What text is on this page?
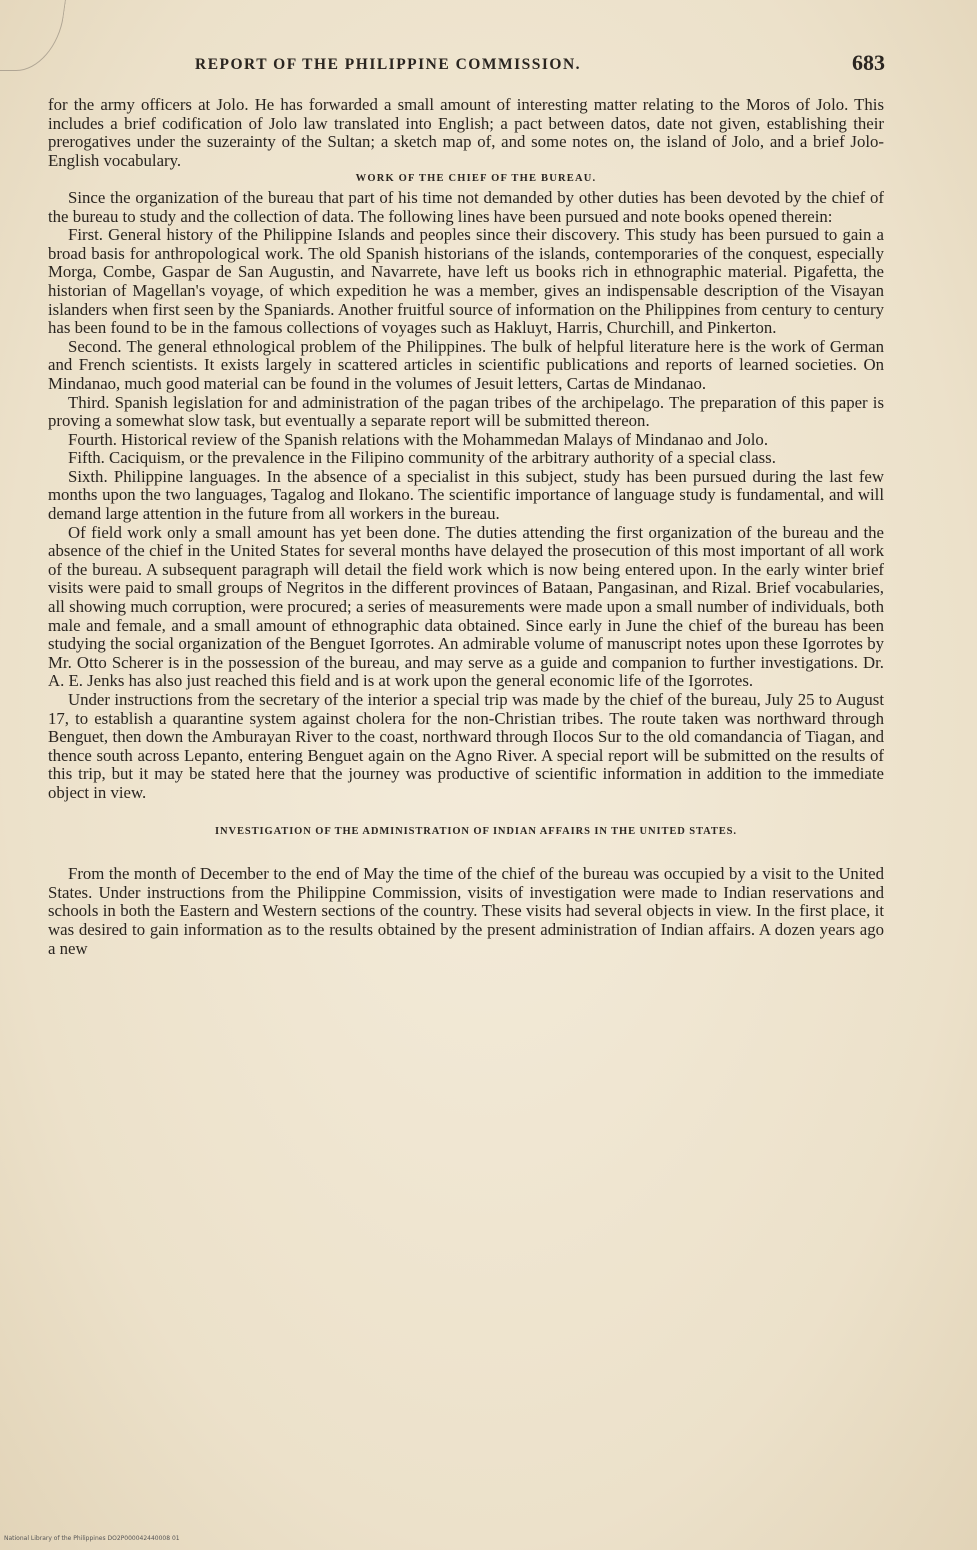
REPORT OF THE PHILIPPINE COMMISSION.	683

for the army officers at Jolo. He has forwarded a small amount of interesting matter relating to the Moros of Jolo. This includes a brief codification of Jolo law translated into English; a pact between datos, date not given, establishing their prerogatives under the suzerainty of the Sultan; a sketch map of, and some notes on, the island of Jolo, and a brief Jolo-English vocabulary.

WORK OF THE CHIEF OF THE BUREAU.

Since the organization of the bureau that part of his time not demanded by other duties has been devoted by the chief of the bureau to study and the collection of data. The following lines have been pursued and note books opened therein:

First. General history of the Philippine Islands and peoples since their discovery. This study has been pursued to gain a broad basis for anthropological work. The old Spanish historians of the islands, contemporaries of the conquest, especially Morga, Combe, Gaspar de San Augustin, and Navarrete, have left us books rich in ethnographic material. Pigafetta, the historian of Magellan's voyage, of which expedition he was a member, gives an indispensable description of the Visayan islanders when first seen by the Spaniards. Another fruitful source of information on the Philippines from century to century has been found to be in the famous collections of voyages such as Hakluyt, Harris, Churchill, and Pinkerton.

Second. The general ethnological problem of the Philippines. The bulk of helpful literature here is the work of German and French scientists. It exists largely in scattered articles in scientific publications and reports of learned societies. On Mindanao, much good material can be found in the volumes of Jesuit letters, Cartas de Mindanao.

Third. Spanish legislation for and administration of the pagan tribes of the archipelago. The preparation of this paper is proving a somewhat slow task, but eventually a separate report will be submitted thereon.

Fourth. Historical review of the Spanish relations with the Mohammedan Malays of Mindanao and Jolo.

Fifth. Caciquism, or the prevalence in the Filipino community of the arbitrary authority of a special class.

Sixth. Philippine languages. In the absence of a specialist in this subject, study has been pursued during the last few months upon the two languages, Tagalog and Ilokano. The scientific importance of language study is fundamental, and will demand large attention in the future from all workers in the bureau.

Of field work only a small amount has yet been done. The duties attending the first organization of the bureau and the absence of the chief in the United States for several months have delayed the prosecution of this most important of all work of the bureau. A subsequent paragraph will detail the field work which is now being entered upon. In the early winter brief visits were paid to small groups of Negritos in the different provinces of Bataan, Pangasinan, and Rizal. Brief vocabularies, all showing much corruption, were procured; a series of measurements were made upon a small number of individuals, both male and female, and a small amount of ethnographic data obtained. Since early in June the chief of the bureau has been studying the social organization of the Benguet Igorrotes. An admirable volume of manuscript notes upon these Igorrotes by Mr. Otto Scherer is in the possession of the bureau, and may serve as a guide and companion to further investigations. Dr. A. E. Jenks has also just reached this field and is at work upon the general economic life of the Igorrotes.

Under instructions from the secretary of the interior a special trip was made by the chief of the bureau, July 25 to August 17, to establish a quarantine system against cholera for the non-Christian tribes. The route taken was northward through Benguet, then down the Amburayan River to the coast, northward through Ilocos Sur to the old comandancia of Tiagan, and thence south across Lepanto, entering Benguet again on the Agno River. A special report will be submitted on the results of this trip, but it may be stated here that the journey was productive of scientific information in addition to the immediate object in view.

INVESTIGATION OF THE ADMINISTRATION OF INDIAN AFFAIRS IN THE UNITED STATES.

From the month of December to the end of May the time of the chief of the bureau was occupied by a visit to the United States. Under instructions from the Philippine Commission, visits of investigation were made to Indian reservations and schools in both the Eastern and Western sections of the country. These visits had several objects in view. In the first place, it was desired to gain information as to the results obtained by the present administration of Indian affairs. A dozen years ago a new

National Library of the Philippines DO2P000042440008 01
